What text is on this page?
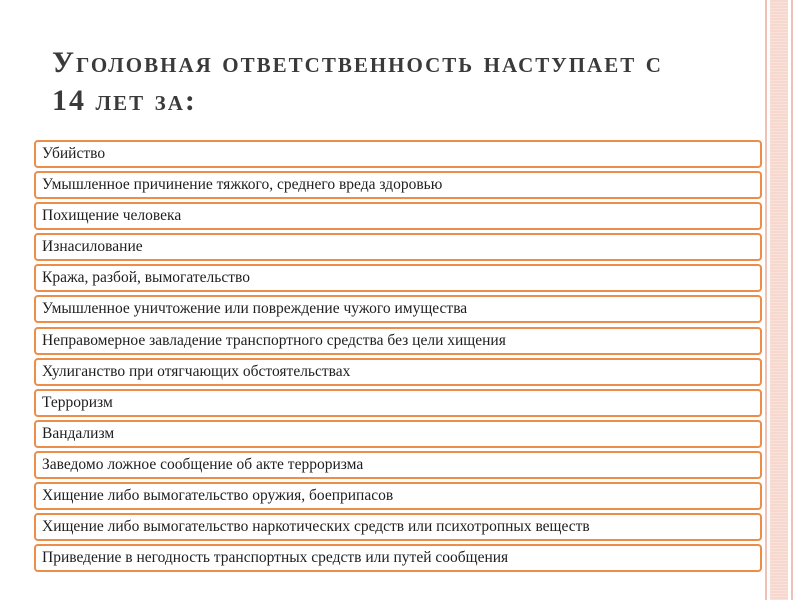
Уголовная ответственность наступает с
14 лет за:
Убийство
Умышленное причинение тяжкого, среднего вреда здоровью
Похищение человека
Изнасилование
Кража, разбой, вымогательство
Умышленное уничтожение или повреждение чужого имущества
Неправомерное завладение транспортного средства без цели хищения
Хулиганство при отягчающих обстоятельствах
Терроризм
Вандализм
Заведомо ложное сообщение об акте терроризма
Хищение либо вымогательство оружия, боеприпасов
Хищение либо вымогательство наркотических средств или психотропных веществ
Приведение в негодность транспортных средств или путей сообщения
